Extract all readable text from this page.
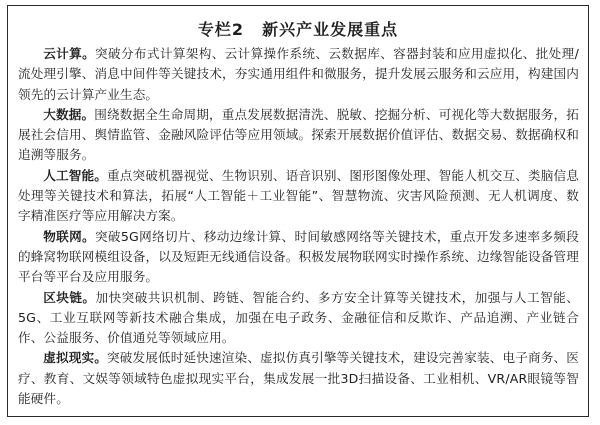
专栏2 新兴产业发展重点

云计算。突破分布式计算架构、云计算操作系统、云数据库、容器封装和应用虚拟化、批处理/流处理引擎、消息中间件等关键技术，夯实通用组件和微服务，提升发展云服务和云应用，构建国内领先的云计算产业生态。

大数据。围绕数据全生命周期，重点发展数据清洗、脱敏、挖掘分析、可视化等大数据服务，拓展社会信用、舆情监管、金融风险评估等应用领域。探索开展数据价值评估、数据交易、数据确权和追溯等服务。

人工智能。重点突破机器视觉、生物识别、语音识别、图形图像处理、智能人机交互、类脑信息处理等关键技术和算法，拓展“人工智能＋工业智能”、智慧物流、灾害风险预测、无人机调度、数字精准医疗等应用解决方案。

物联网。突破5G网络切片、移动边缘计算、时间敏感网络等关键技术，重点开发多速率多频段的蜂窝物联网模组设备，以及短距无线通信设备。积极发展物联网实时操作系统、边缘智能设备管理平台等平台及应用服务。

区块链。加快突破共识机制、跨链、智能合约、多方安全计算等关键技术，加强与人工智能、5G、工业互联网等新技术融合集成，加强在电子政务、金融征信和反欺诈、产品追溯、产业链合作、公益服务、价值通兑等领域应用。

虚拟现实。突破发展低时延快速渲染、虚拟仿真引擎等关键技术，建设完善家装、电子商务、医疗、教育、文娱等领域特色虚拟现实平台，集成发展一批3D扫描设备、工业相机、VR/AR眼镜等智能硬件。
